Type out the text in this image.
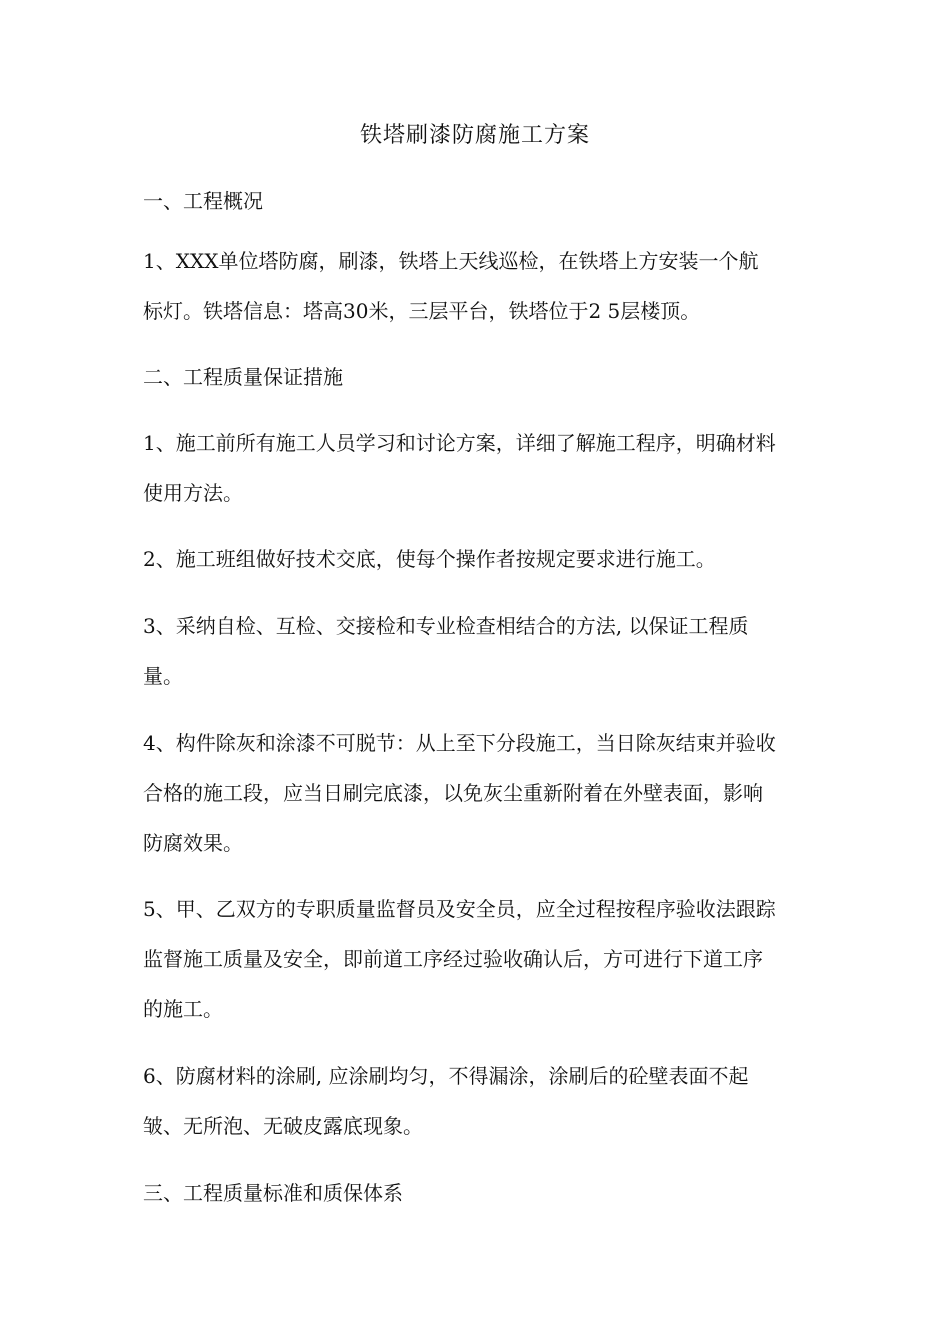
铁塔刷漆防腐施工方案
一、工程概况
1、XXX单位塔防腐，刷漆，铁塔上天线巡检，在铁塔上方安装一个航
标灯。铁塔信息：塔高30米，三层平台，铁塔位于2 5层楼顶。
二、工程质量保证措施
1、施工前所有施工人员学习和讨论方案，详细了解施工程序，明确材料
使用方法。
2、施工班组做好技术交底，使每个操作者按规定要求进行施工。
3、采纳自检、互检、交接检和专业检查相结合的方法, 以保证工程质
量。
4、构件除灰和涂漆不可脱节：从上至下分段施工，当日除灰结束并验收
合格的施工段，应当日刷完底漆，以免灰尘重新附着在外壁表面，影响
防腐效果。
5、甲、乙双方的专职质量监督员及安全员，应全过程按程序验收法跟踪
监督施工质量及安全，即前道工序经过验收确认后，方可进行下道工序
的施工。
6、防腐材料的涂刷, 应涂刷均匀，不得漏涂，涂刷后的砼壁表面不起
皱、无所泡、无破皮露底现象。
三、工程质量标准和质保体系
